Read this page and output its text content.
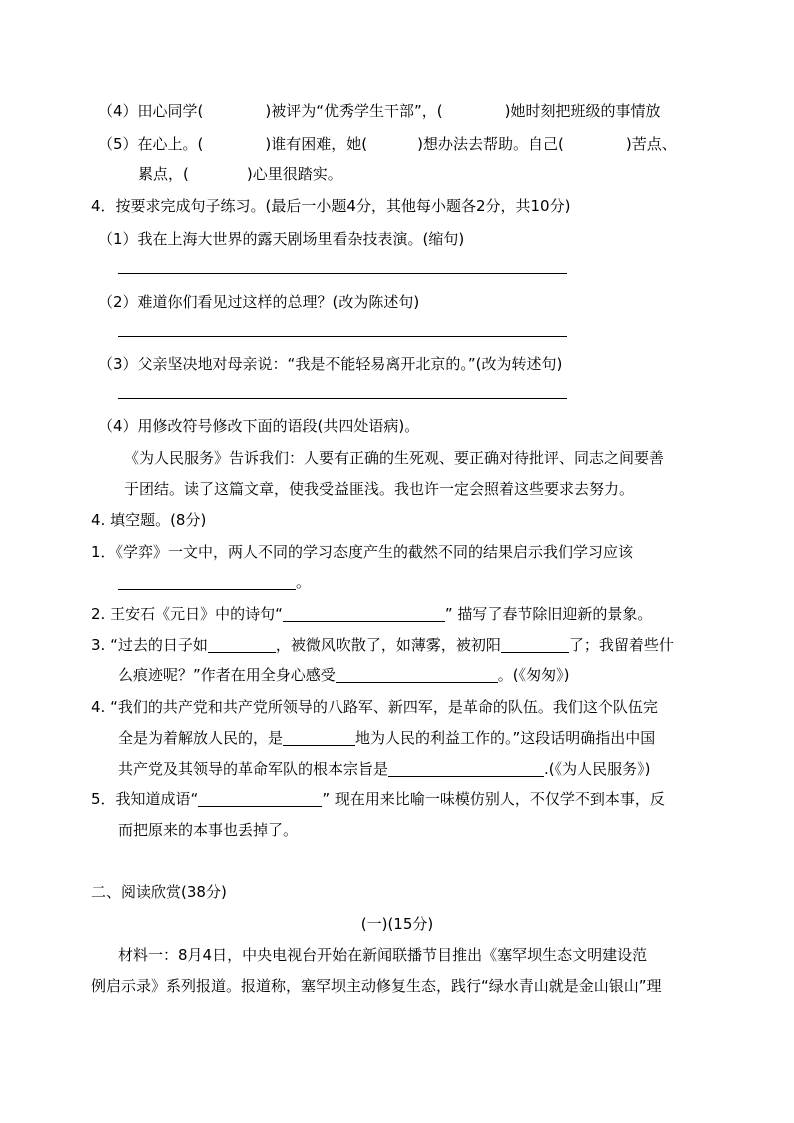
（4）田心同学(	)被评为“优秀学生干部”，(	)她时刻把班级的事情放
（5）在心上。(	)谁有困难，她(	)想办法去帮助。自己(	)苦点、
累点，(	)心里很踏实。
4．按要求完成句子练习。(最后一小题4分，其他每小题各2分，共10分)
（1）我在上海大世界的露天剧场里看杂技表演。(缩句)
（2）难道你们看见过这样的总理？(改为陈述句)
（3）父亲坚决地对母亲说：“我是不能轻易离开北京的。”(改为转述句)
（4）用修改符号修改下面的语段(共四处语病)。
《为人民服务》告诉我们：人要有正确的生死观、要正确对待批评、同志之间要善
于团结。读了这篇文章，使我受益匪浅。我也许一定会照着这些要求去努力。
4. 填空题。(8分)
1．《学弈》一文中，两人不同的学习态度产生的截然不同的结果启示我们学习应该
。
2. 王安石《元日》中的诗句“	” 描写了春节除旧迎新的景象。
3. “过去的日子如	，被微风吹散了，如薄雾，被初阳	了；我留着些什
么痕迹呢？”作者在用全身心感受	。(《匆匆》)
4. “我们的共产党和共产党所领导的八路军、新四军，是革命的队伍。我们这个队伍完
全是为着解放人民的，是	地为人民的利益工作的。”这段话明确指出中国
共产党及其领导的革命军队的根本宗旨是	.(《为人民服务》)
5．我知道成语“	” 现在用来比喻一味模仿别人，不仅学不到本事，反
而把原来的本事也丢掉了。
二、阅读欣赏(38分)
(一)(15分)
材料一：8月4日，中央电视台开始在新闻联播节目推出《塞罕坝生态文明建设范
例启示录》系列报道。报道称，塞罕坝主动修复生态，践行“绿水青山就是金山银山”理
